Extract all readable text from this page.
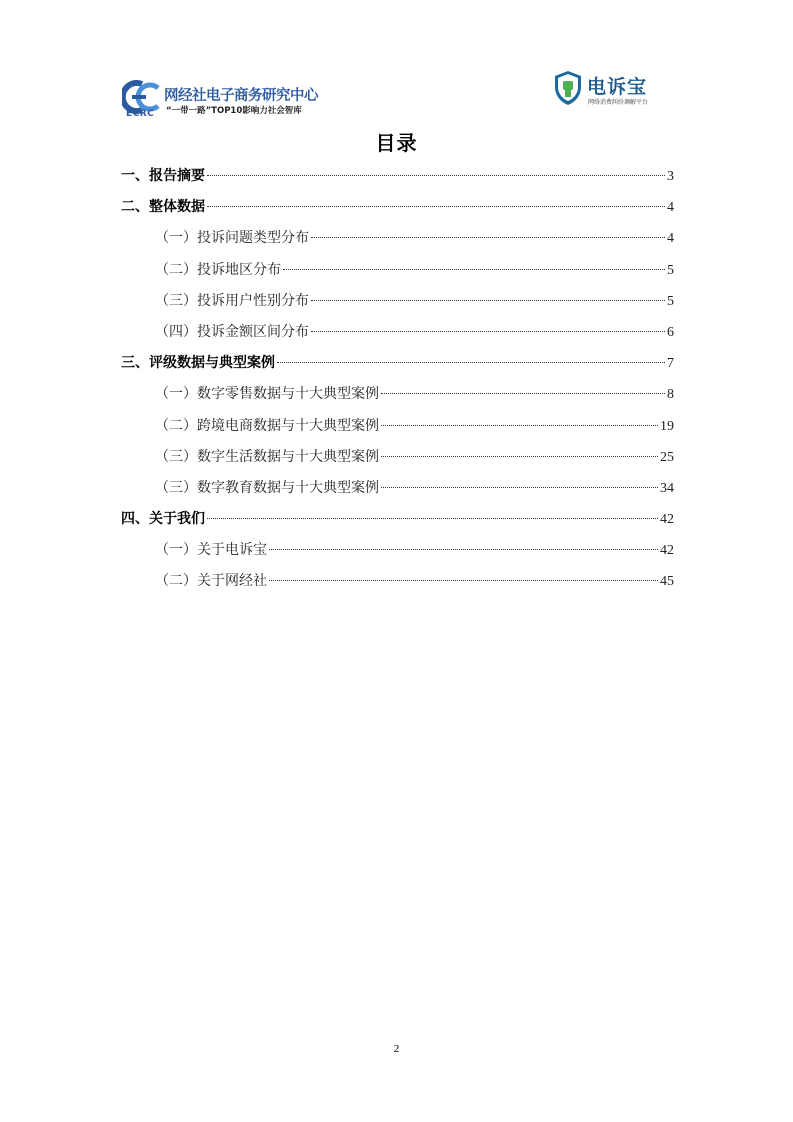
ECRC
网经社电子商务研究中心
“一带一路”TOP10影响力社会智库
电诉宝
网络消费纠纷调解平台
目录
一、报告摘要	3
二、整体数据	4
（一）投诉问题类型分布	4
（二）投诉地区分布	5
（三）投诉用户性别分布	5
（四）投诉金额区间分布	6
三、评级数据与典型案例	7
（一）数字零售数据与十大典型案例	8
（二）跨境电商数据与十大典型案例	19
（三）数字生活数据与十大典型案例	25
（三）数字教育数据与十大典型案例	34
四、关于我们	42
（一）关于电诉宝	42
（二）关于网经社	45
2
